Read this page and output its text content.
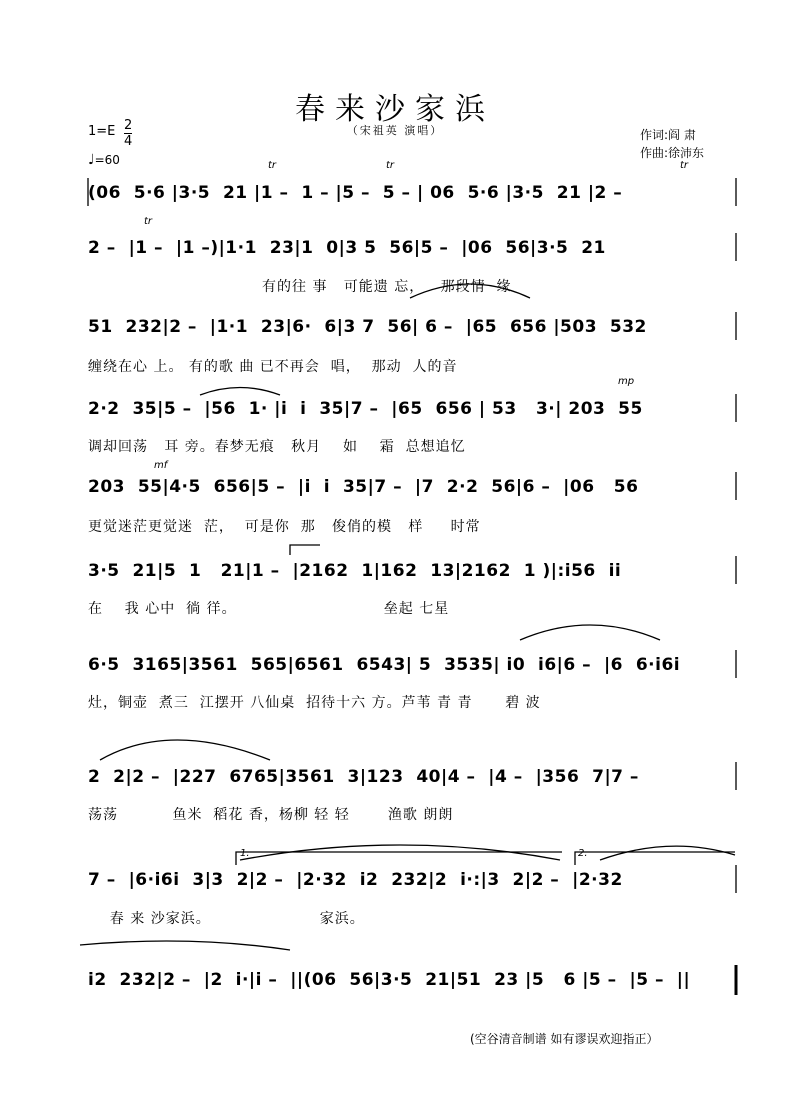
春来沙家浜
（宋祖英 演唱）
1=E 2
4
♩=60
作词:阎 肃
作曲:徐沛东
tr	tr	tr
tr
mp
mf
1.	2.
(06  5·6 |3·5  21 |1 –  1 – |5 –  5 – | 06  5·6 |3·5  21 |2 –
2 –  |1 –  |1 –)|1·1  23|1  0|3 5  56|5 –  |06  56|3·5  21
有的往 事   可能遗 忘，   那段情  缘
51  232|2 –  |1·1  23|6·  6|3 7  56| 6 –  |65  656 |503  532
缠绕在心 上。 有的歌 曲 已不再会  唱，  那动  人的音
2·2  35|5 –  |56  1· |i  i  35|7 –  |65  656 | 53   3·| 203  55
调却回荡   耳 旁。春梦无痕   秋月    如    霜  总想追忆
203  55|4·5  656|5 –  |i  i  35|7 –  |7  2·2  56|6 –  |06   56
更觉迷茫更觉迷  茫，  可是你  那   俊俏的模   样     时常
3·5  21|5  1   21|1 –  |2162  1|162  13|2162  1 )|:i56  ii
在    我 心中  徜 徉。                           垒起 七星
6·5  3165|3561  565|6561  6543| 5  3535| i0  i6|6 –  |6  6·i6i
灶，铜壶  煮三  江摆开 八仙桌  招待十六 方。芦苇 青 青      碧 波
2  2|2 –  |227  6765|3561  3|123  40|4 –  |4 –  |356  7|7 –
荡荡          鱼米  稻花 香，杨柳 轻 轻       渔歌 朗朗
7 –  |6·i6i  3|3  2|2 –  |2·32  i2  232|2  i·:|3  2|2 –  |2·32
春 来 沙家浜。                    家浜。
i2  232|2 –  |2  i·|i –  ||(06  56|3·5  21|51  23 |5   6 |5 –  |5 –  ||
(空谷清音制谱 如有谬误欢迎指正）
